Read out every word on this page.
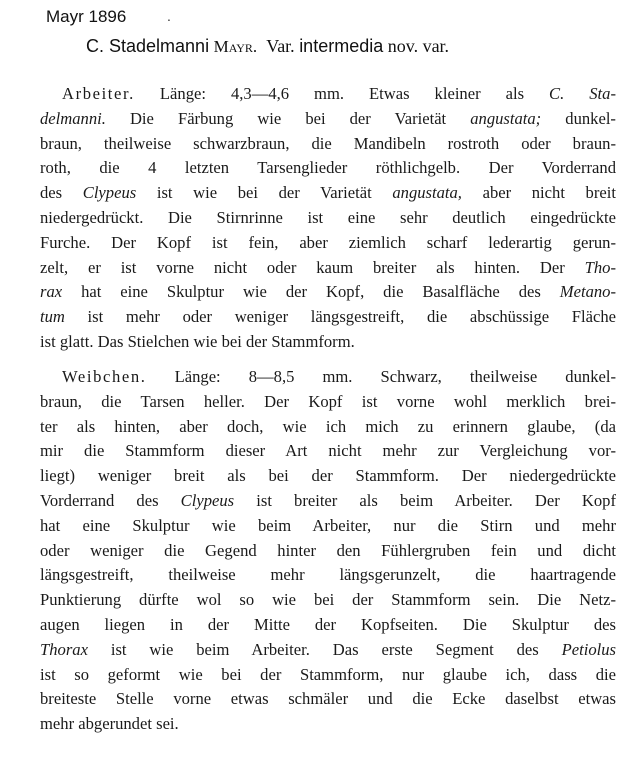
Mayr 1896	.
C. Stadelmanni Mayr. Var. intermedia nov. var.
Arbeiter. Länge: 4,3—4,6 mm. Etwas kleiner als C. Sta-
delmanni. Die Färbung wie bei der Varietät angustata; dunkel-
braun, theilweise schwarzbraun, die Mandibeln rostroth oder braun-
roth, die 4 letzten Tarsenglieder röthlichgelb. Der Vorderrand
des Clypeus ist wie bei der Varietät angustata, aber nicht breit
niedergedrückt. Die Stirnrinne ist eine sehr deutlich eingedrückte
Furche. Der Kopf ist fein, aber ziemlich scharf lederartig gerun-
zelt, er ist vorne nicht oder kaum breiter als hinten. Der Tho-
rax hat eine Skulptur wie der Kopf, die Basalfläche des Metano-
tum ist mehr oder weniger längsgestreift, die abschüssige Fläche
ist glatt. Das Stielchen wie bei der Stammform.
Weibchen. Länge: 8—8,5 mm. Schwarz, theilweise dunkel-
braun, die Tarsen heller. Der Kopf ist vorne wohl merklich brei-
ter als hinten, aber doch, wie ich mich zu erinnern glaube, (da
mir die Stammform dieser Art nicht mehr zur Vergleichung vor-
liegt) weniger breit als bei der Stammform. Der niedergedrückte
Vorderrand des Clypeus ist breiter als beim Arbeiter. Der Kopf
hat eine Skulptur wie beim Arbeiter, nur die Stirn und mehr
oder weniger die Gegend hinter den Fühlergruben fein und dicht
längsgestreift, theilweise mehr längsgerunzelt, die haartragende
Punktierung dürfte wol so wie bei der Stammform sein. Die Netz-
augen liegen in der Mitte der Kopfseiten. Die Skulptur des
Thorax ist wie beim Arbeiter. Das erste Segment des Petiolus
ist so geformt wie bei der Stammform, nur glaube ich, dass die
breiteste Stelle vorne etwas schmäler und die Ecke daselbst etwas
mehr abgerundet sei.
